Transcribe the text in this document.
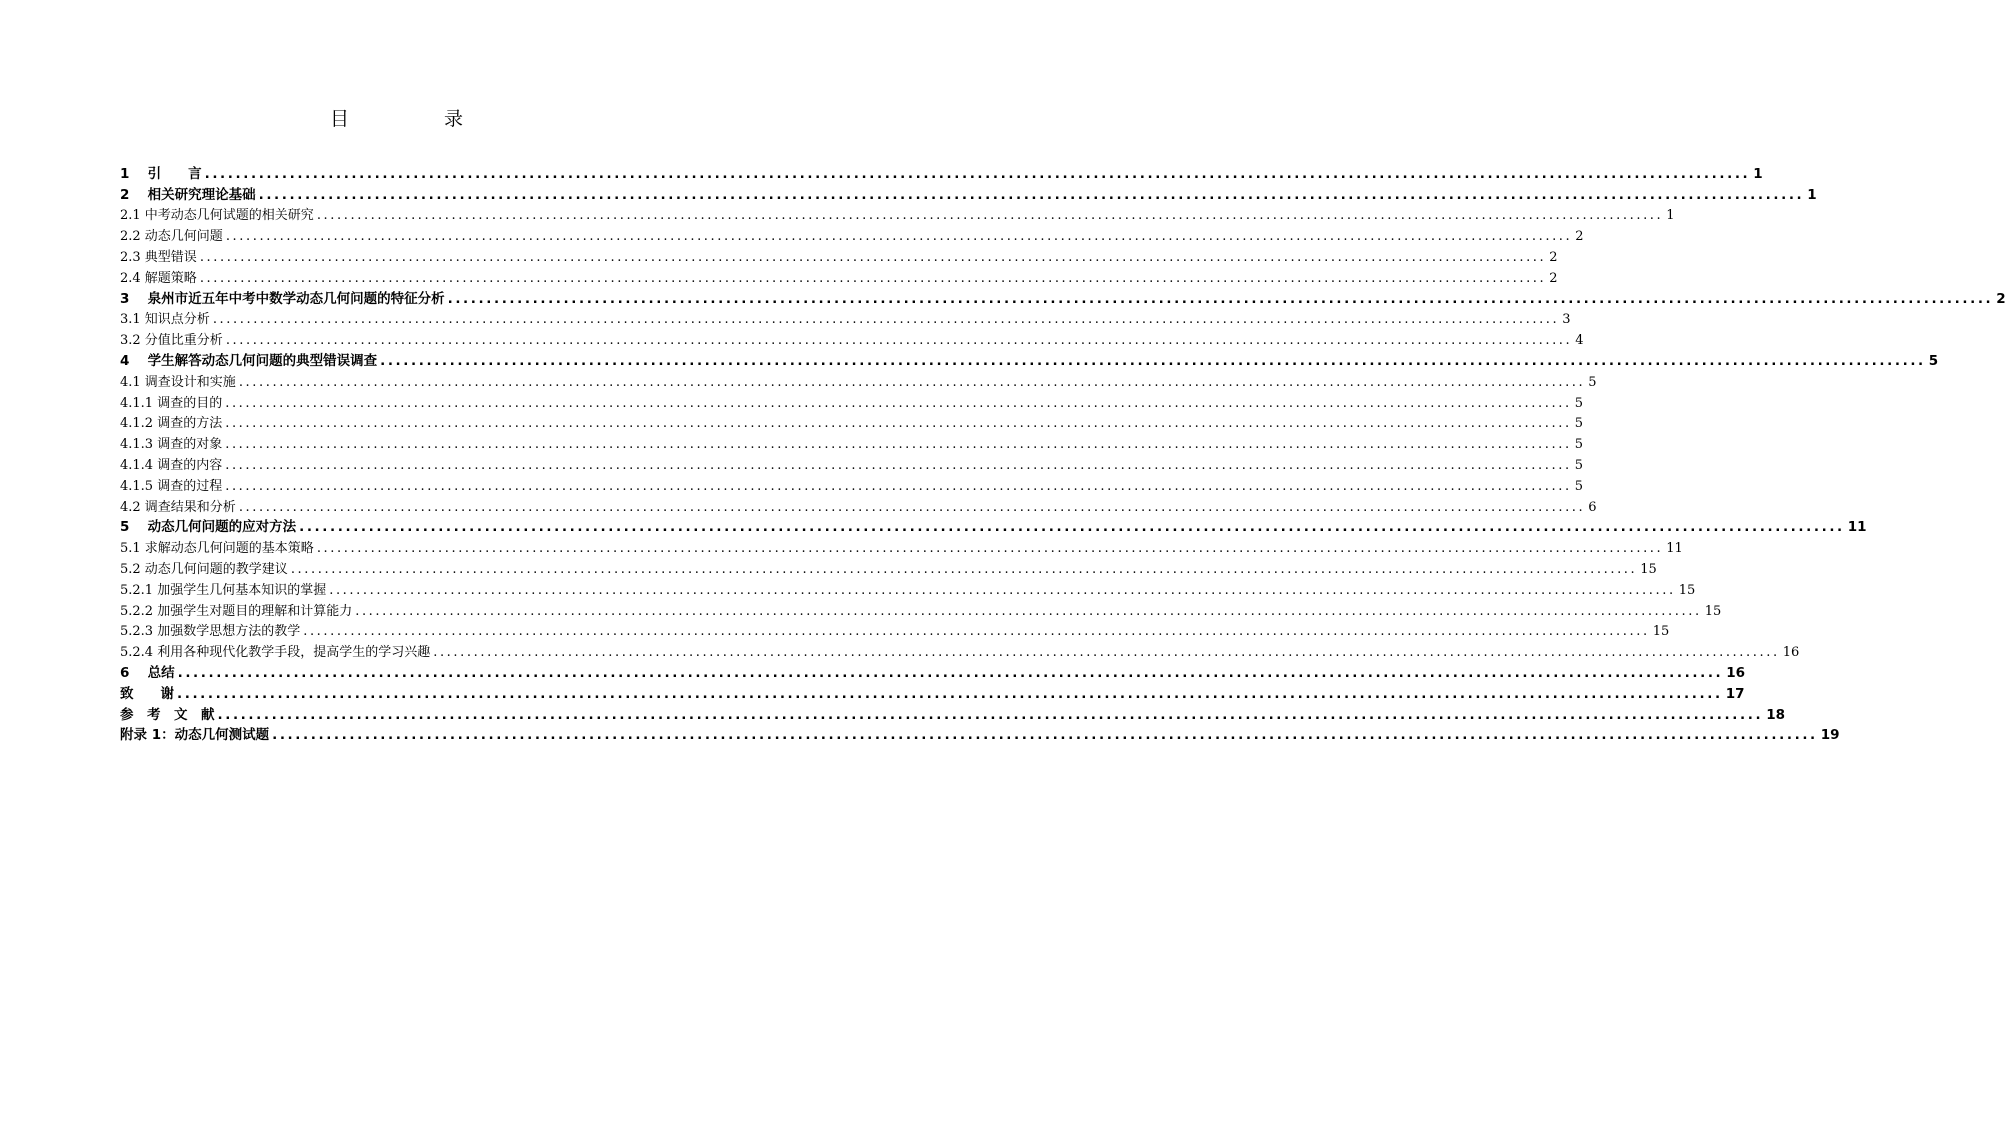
目　录
1　 引　　言 ........................................................................................................................................................................................................ 1
2　 相关研究理论基础 ........................................................................................................................................................................................................ 1
2.1 中考动态几何试题的相关研究 ........................................................................................................................................................................................................ 1
2.2 动态几何问题 ........................................................................................................................................................................................................ 2
2.3 典型错误 ........................................................................................................................................................................................................ 2
2.4 解题策略 ........................................................................................................................................................................................................ 2
3　 泉州市近五年中考中数学动态几何问题的特征分析 ........................................................................................................................................................................................................ 2
3.1 知识点分析 ........................................................................................................................................................................................................ 3
3.2 分值比重分析 ........................................................................................................................................................................................................ 4
4　 学生解答动态几何问题的典型错误调查 ........................................................................................................................................................................................................ 5
4.1 调查设计和实施 ........................................................................................................................................................................................................ 5
4.1.1 调查的目的 ........................................................................................................................................................................................................ 5
4.1.2 调查的方法 ........................................................................................................................................................................................................ 5
4.1.3 调查的对象 ........................................................................................................................................................................................................ 5
4.1.4 调查的内容 ........................................................................................................................................................................................................ 5
4.1.5 调查的过程 ........................................................................................................................................................................................................ 5
4.2 调查结果和分析 ........................................................................................................................................................................................................ 6
5　 动态几何问题的应对方法 ........................................................................................................................................................................................................ 11
5.1 求解动态几何问题的基本策略 ........................................................................................................................................................................................................ 11
5.2 动态几何问题的教学建议 ........................................................................................................................................................................................................ 15
5.2.1 加强学生几何基本知识的掌握 ........................................................................................................................................................................................................ 15
5.2.2 加强学生对题目的理解和计算能力 ........................................................................................................................................................................................................ 15
5.2.3 加强数学思想方法的教学 ........................................................................................................................................................................................................ 15
5.2.4 利用各种现代化教学手段，提高学生的学习兴趣 ........................................................................................................................................................................................................ 16
6　 总结 ........................................................................................................................................................................................................ 16
致　　谢 ........................................................................................................................................................................................................ 17
参　考　文　献 ........................................................................................................................................................................................................ 18
附录 1：动态几何测试题 ........................................................................................................................................................................................................ 19
